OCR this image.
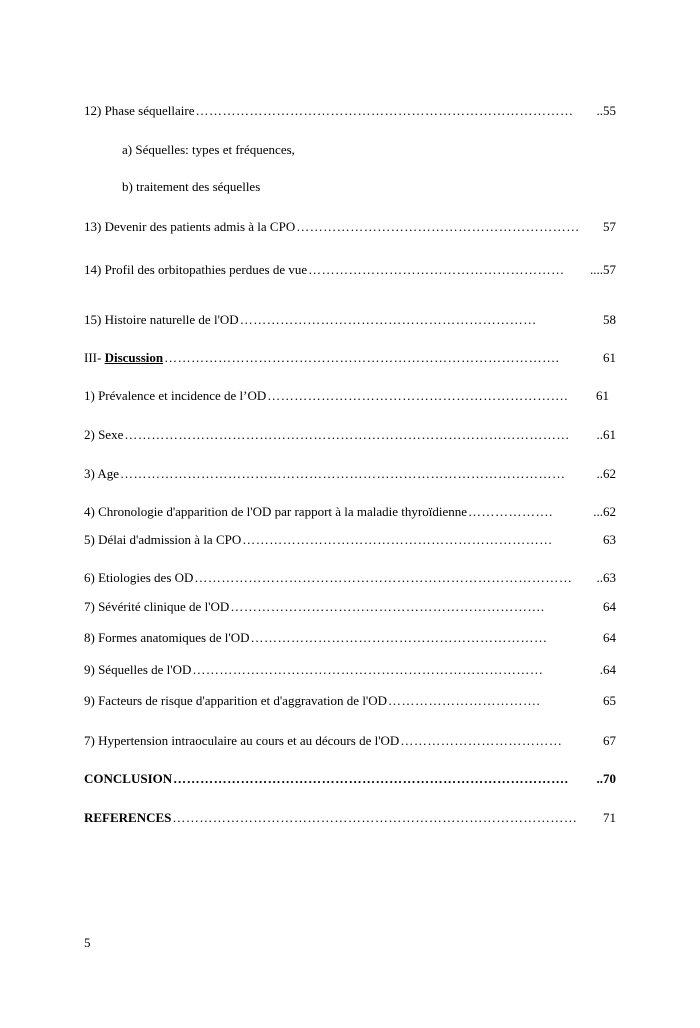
12) Phase séquellaire …………………………………………………………………………	..55
a) Séquelles: types et fréquences,
b) traitement des séquelles
13) Devenir des patients admis à la CPO ………………………………………………………	57
14) Profil des orbitopathies perdues de vue …………………………………………………	....57
15) Histoire naturelle de l'OD …………………………………………………………	58
III- Discussion …………………………………………………………………………….	61
1) Prévalence et incidence de l’OD ………………………………………………………….	61
2) Sexe ………………………………………………………………………………………	..61
3) Age ………………………………………………………………………………………	..62
4) Chronologie d'apparition de l'OD par rapport à la maladie thyroïdienne ……………….	...62
5) Délai d'admission à la CPO ……………………………………………………………	63
6) Etiologies des OD …………………………………………………………………………	..63
7) Sévérité clinique de l'OD …………………………………………………………….	64
8) Formes anatomiques de l'OD …………………………………………………………	64
9) Séquelles de l'OD ……………………………………………………………………	.64
9) Facteurs de risque d'apparition et d'aggravation de l'OD …………………………….	65
7) Hypertension intraoculaire au cours et au décours de l'OD ………………………………	67
CONCLUSION …………………………………………………………………………….	..70
REFERENCES ………………………………………………………………………………	71
5
